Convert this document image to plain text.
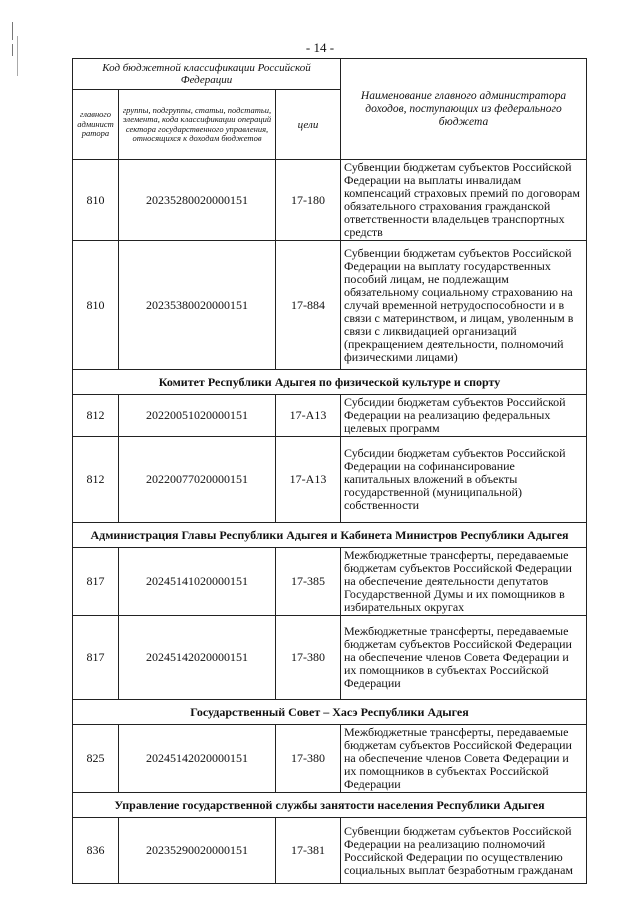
- 14 -
Код бюджетной классификации Российской Федерации			Наименование главного администратора доходов, поступающих из федерального бюджета
главного админист ратора	группы, подгруппы, статьи, подстатьи, элемента, кода классификации операций сектора государственного управления, относящихся к доходам бюджетов	цели	
810	20235280020000151	17-180	Субвенции бюджетам субъектов Российской Федерации на выплаты инвалидам компенсаций страховых премий по договорам обязательного страхования гражданской ответственности владельцев транспортных средств
810	20235380020000151	17-884	Субвенции бюджетам субъектов Российской Федерации на выплату государственных пособий лицам, не подлежащим обязательному социальному страхованию на случай временной нетрудоспособности и в связи с материнством, и лицам, уволенным в связи с ликвидацией организаций (прекращением деятельности, полномочий физическими лицами)
Комитет Республики Адыгея по физической культуре и спорту			
812	20220051020000151	17-А13	Субсидии бюджетам субъектов Российской Федерации на реализацию федеральных целевых программ
812	20220077020000151	17-А13	Субсидии бюджетам субъектов Российской Федерации на софинансирование капитальных вложений в объекты государственной (муниципальной) собственности
Администрация Главы Республики Адыгея и Кабинета Министров Республики Адыгея			
817	20245141020000151	17-385	Межбюджетные трансферты, передаваемые бюджетам субъектов Российской Федерации на обеспечение деятельности депутатов Государственной Думы и их помощников в избирательных округах
817	20245142020000151	17-380	Межбюджетные трансферты, передаваемые бюджетам субъектов Российской Федерации на обеспечение членов Совета Федерации и их помощников в субъектах Российской Федерации
Государственный Совет – Хасэ Республики Адыгея			
825	20245142020000151	17-380	Межбюджетные трансферты, передаваемые бюджетам субъектов Российской Федерации на обеспечение членов Совета Федерации и их помощников в субъектах Российской Федерации
Управление государственной службы занятости населения Республики Адыгея			
836	20235290020000151	17-381	Субвенции бюджетам субъектов Российской Федерации на реализацию полномочий Российской Федерации по осуществлению социальных выплат безработным гражданам
